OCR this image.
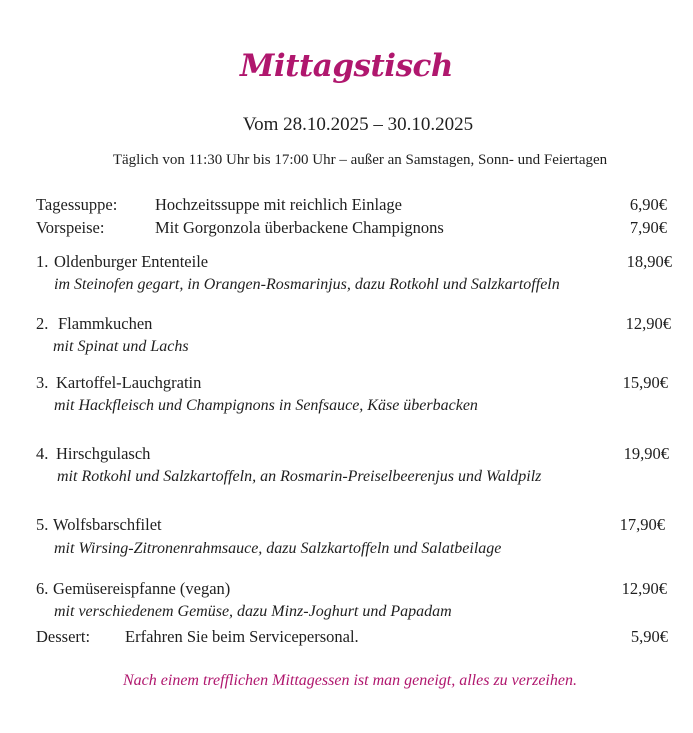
Mittagstisch
Vom 28.10.2025 – 30.10.2025
Täglich von 11:30 Uhr bis 17:00 Uhr – außer an Samstagen, Sonn- und Feiertagen
Tagessuppe: Hochzeitssuppe mit reichlich Einlage	6,90€
Vorspeise:	Mit Gorgonzola überbackene Champignons	7,90€
1. Oldenburger Ententeile	18,90€
im Steinofen gegart, in Orangen-Rosmarinjus, dazu Rotkohl und Salzkartoffeln
2. Flammkuchen	12,90€
mit Spinat und Lachs
3. Kartoffel-Lauchgratin	15,90€
mit Hackfleisch und Champignons in Senfsauce, Käse überbacken
4. Hirschgulasch	19,90€
mit Rotkohl und Salzkartoffeln, an Rosmarin-Preiselbeerenjus und Waldpilz
5. Wolfsbarschfilet	17,90€
mit Wirsing-Zitronenrahmsauce, dazu Salzkartoffeln und Salatbeilage
6. Gemüsereispfanne (vegan)	12,90€
mit verschiedenem Gemüse, dazu Minz-Joghurt und Papadam
Dessert: Erfahren Sie beim Servicepersonal.	5,90€
Nach einem trefflichen Mittagessen ist man geneigt, alles zu verzeihen.
